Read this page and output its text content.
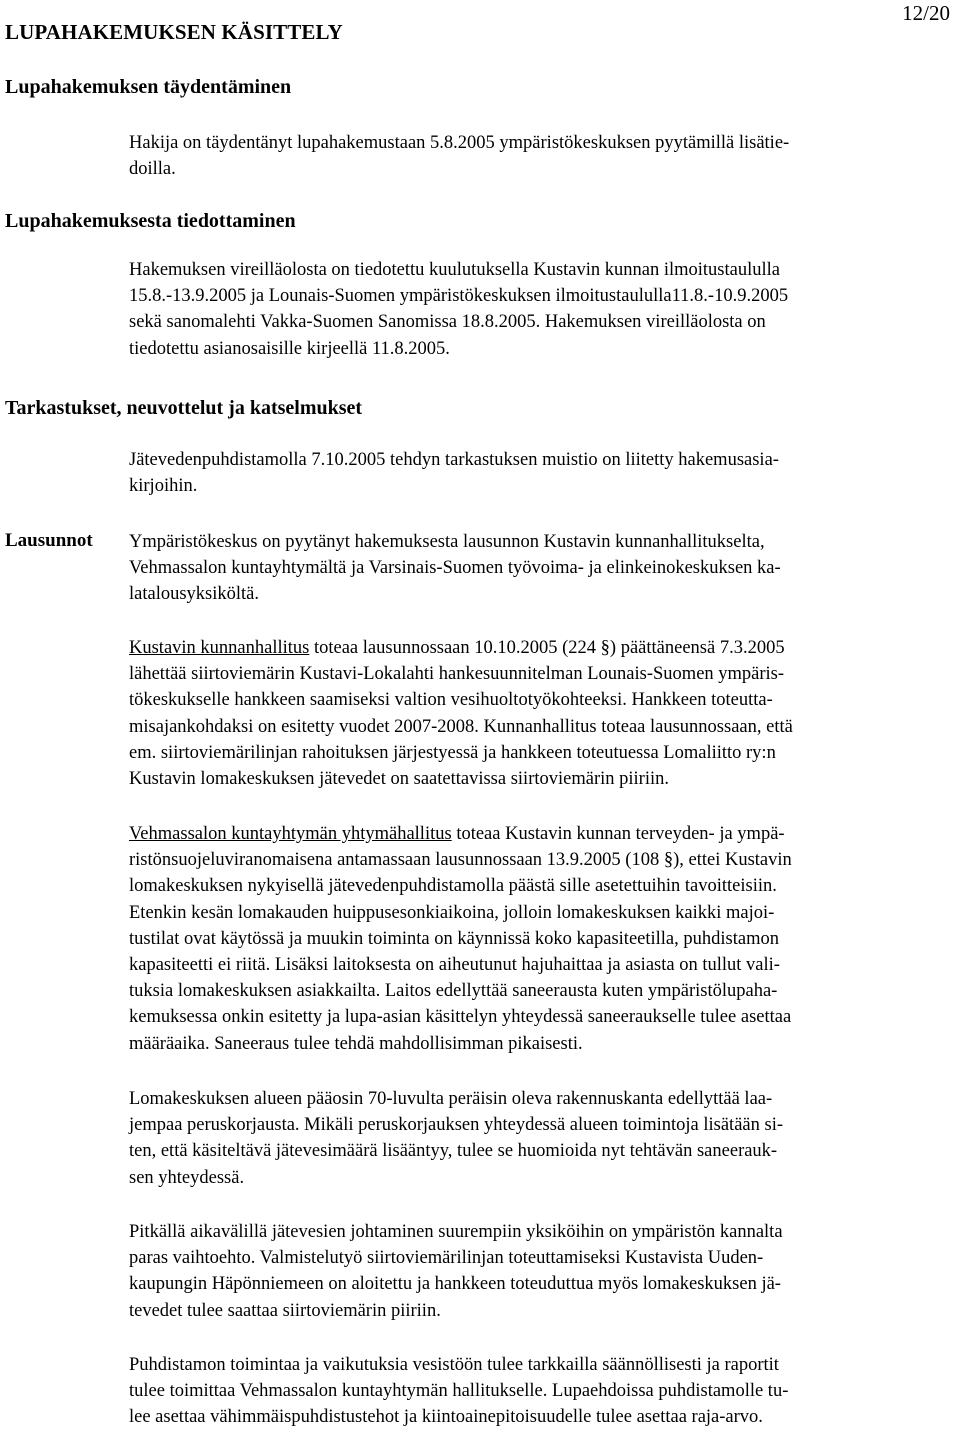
LUPAHAKEMUKSEN KÄSITTELY
12/20
Lupahakemuksen täydentäminen

Hakija on täydentänyt lupahakemustaan 5.8.2005 ympäristökeskuksen pyytämillä lisätie-
doilla.

Lupahakemuksesta tiedottaminen

Hakemuksen vireilläolosta on tiedotettu kuulutuksella Kustavin kunnan ilmoitustaululla
15.8.-13.9.2005 ja Lounais-Suomen ympäristökeskuksen ilmoitustaululla11.8.-10.9.2005
sekä sanomalehti Vakka-Suomen Sanomissa 18.8.2005. Hakemuksen vireilläolosta on
tiedotettu asianosaisille kirjeellä 11.8.2005.

Tarkastukset, neuvottelut ja katselmukset

Jätevedenpuhdistamolla 7.10.2005 tehdyn tarkastuksen muistio on liitetty hakemusasia-
kirjoihin.

Lausunnot Ympäristökeskus on pyytänyt hakemuksesta lausunnon Kustavin kunnanhallitukselta,
Vehmassalon kuntayhtymältä ja Varsinais-Suomen työvoima- ja elinkeinokeskuksen ka-
latalousyksiköltä.

Kustavin kunnanhallitus toteaa lausunnossaan 10.10.2005 (224 §) päättäneensä 7.3.2005
lähettää siirtoviemärin Kustavi-Lokalahti hankesuunnitelman Lounais-Suomen ympäris-
tökeskukselle hankkeen saamiseksi valtion vesihuoltotyökohteeksi. Hankkeen toteutta-
misajankohdaksi on esitetty vuodet 2007-2008. Kunnanhallitus toteaa lausunnossaan, että
em. siirtoviemärilinjan rahoituksen järjestyessä ja hankkeen toteutuessa Lomaliitto ry:n
Kustavin lomakeskuksen jätevedet on saatettavissa siirtoviemärin piiriin.

Vehmassalon kuntayhtymän yhtymähallitus toteaa Kustavin kunnan terveyden- ja ympä-
ristönsuojeluviranomaisena antamassaan lausunnossaan 13.9.2005 (108 §), ettei Kustavin
lomakeskuksen nykyisellä jätevedenpuhdistamolla päästä sille asetettuihin tavoitteisiin.
Etenkin kesän lomakauden huippusesonkiaikoina, jolloin lomakeskuksen kaikki majoi-
tustilat ovat käytössä ja muukin toiminta on käynnissä koko kapasiteetilla, puhdistamon
kapasiteetti ei riitä. Lisäksi laitoksesta on aiheutunut hajuhaittaa ja asiasta on tullut vali-
tuksia lomakeskuksen asiakkailta. Laitos edellyttää saneerausta kuten ympäristölupaha-
kemuksessa onkin esitetty ja lupa-asian käsittelyn yhteydessä saneeraukselle tulee asettaa
määräaika. Saneeraus tulee tehdä mahdollisimman pikaisesti.

Lomakeskuksen alueen pääosin 70-luvulta peräisin oleva rakennuskanta edellyttää laa-
jempaa peruskorjausta. Mikäli peruskorjauksen yhteydessä alueen toimintoja lisätään si-
ten, että käsiteltävä jätevesimäärä lisääntyy, tulee se huomioida nyt tehtävän saneerauk-
sen yhteydessä.

Pitkällä aikavälillä jätevesien johtaminen suurempiin yksiköihin on ympäristön kannalta
paras vaihtoehto. Valmistelutyö siirtoviemärilinjan toteuttamiseksi Kustavista Uuden-
kaupungin Häpönniemeen on aloitettu ja hankkeen toteuduttua myös lomakeskuksen jä-
tevedet tulee saattaa siirtoviemärin piiriin.

Puhdistamon toimintaa ja vaikutuksia vesistöön tulee tarkkailla säännöllisesti ja raportit
tulee toimittaa Vehmassalon kuntayhtymän hallitukselle. Lupaehdoissa puhdistamolle tu-
lee asettaa vähimmäispuhdistustehot ja kiintoainepitoisuudelle tulee asettaa raja-arvo.
